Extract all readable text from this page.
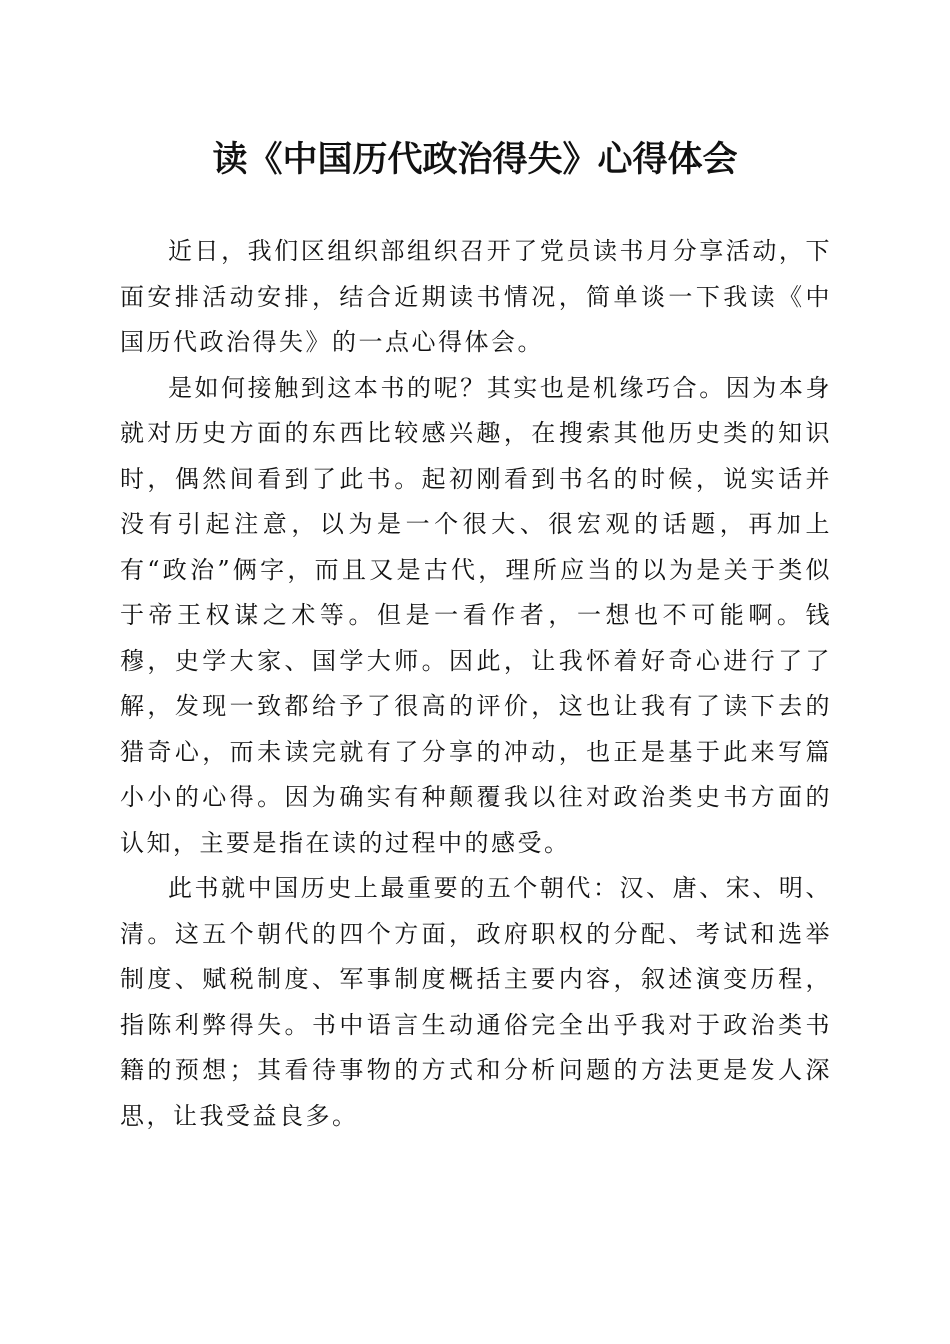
读《中国历代政治得失》心得体会

近日，我们区组织部组织召开了党员读书月分享活动，下面安排活动安排，结合近期读书情况，简单谈一下我读《中国历代政治得失》的一点心得体会。

是如何接触到这本书的呢？其实也是机缘巧合。因为本身就对历史方面的东西比较感兴趣，在搜索其他历史类的知识时，偶然间看到了此书。起初刚看到书名的时候，说实话并没有引起注意，以为是一个很大、很宏观的话题，再加上有“政治”俩字，而且又是古代，理所应当的以为是关于类似于帝王权谋之术等。但是一看作者，一想也不可能啊。钱穆，史学大家、国学大师。因此，让我怀着好奇心进行了了解，发现一致都给予了很高的评价，这也让我有了读下去的猎奇心，而未读完就有了分享的冲动，也正是基于此来写篇小小的心得。因为确实有种颠覆我以往对政治类史书方面的认知，主要是指在读的过程中的感受。

此书就中国历史上最重要的五个朝代：汉、唐、宋、明、清。这五个朝代的四个方面，政府职权的分配、考试和选举制度、赋税制度、军事制度概括主要内容，叙述演变历程，指陈利弊得失。书中语言生动通俗完全出乎我对于政治类书籍的预想；其看待事物的方式和分析问题的方法更是发人深思，让我受益良多。
